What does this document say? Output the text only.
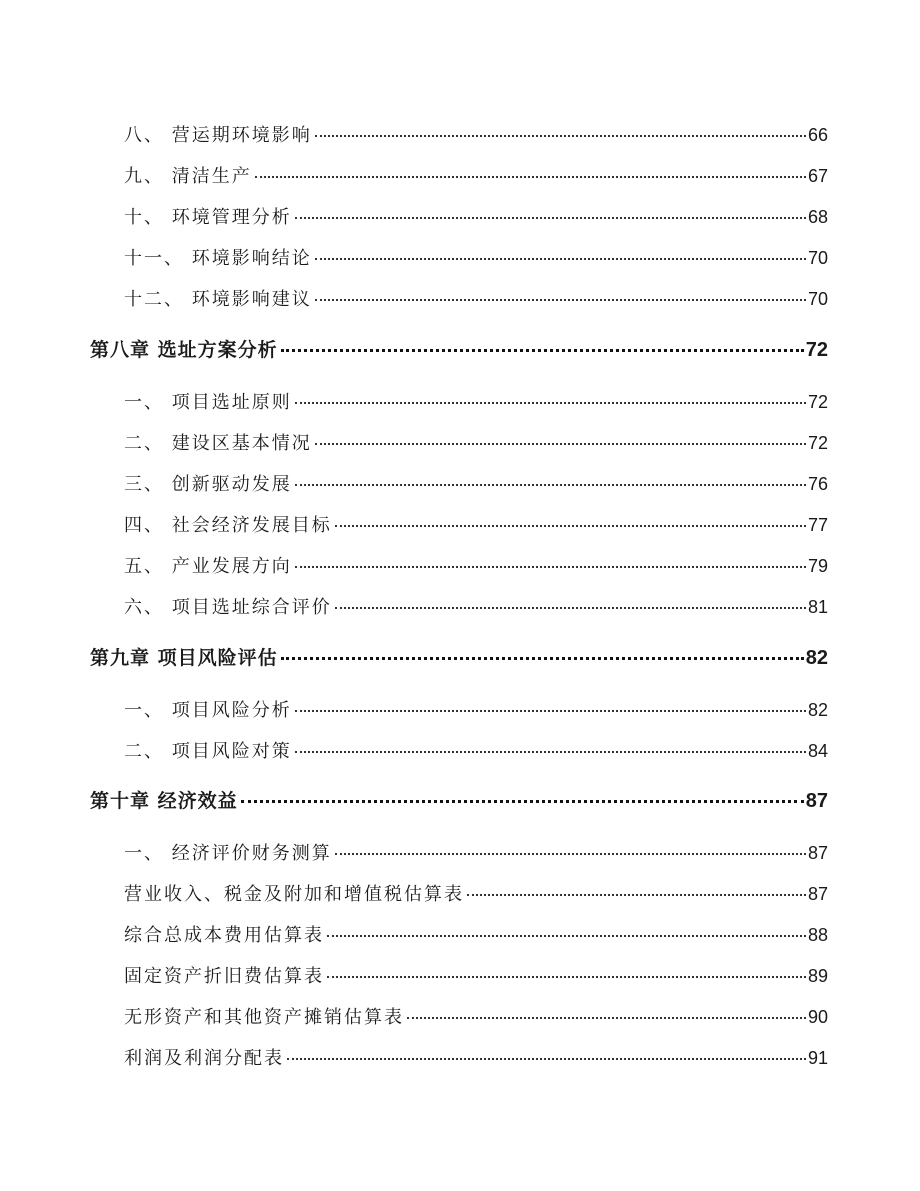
八、 营运期环境影响	66
九、 清洁生产	67
十、 环境管理分析	68
十一、 环境影响结论	70
十二、 环境影响建议	70
第八章 选址方案分析	72
一、 项目选址原则	72
二、 建设区基本情况	72
三、 创新驱动发展	76
四、 社会经济发展目标	77
五、 产业发展方向	79
六、 项目选址综合评价	81
第九章 项目风险评估	82
一、 项目风险分析	82
二、 项目风险对策	84
第十章 经济效益	87
一、 经济评价财务测算	87
营业收入、税金及附加和增值税估算表	87
综合总成本费用估算表	88
固定资产折旧费估算表	89
无形资产和其他资产摊销估算表	90
利润及利润分配表	91
